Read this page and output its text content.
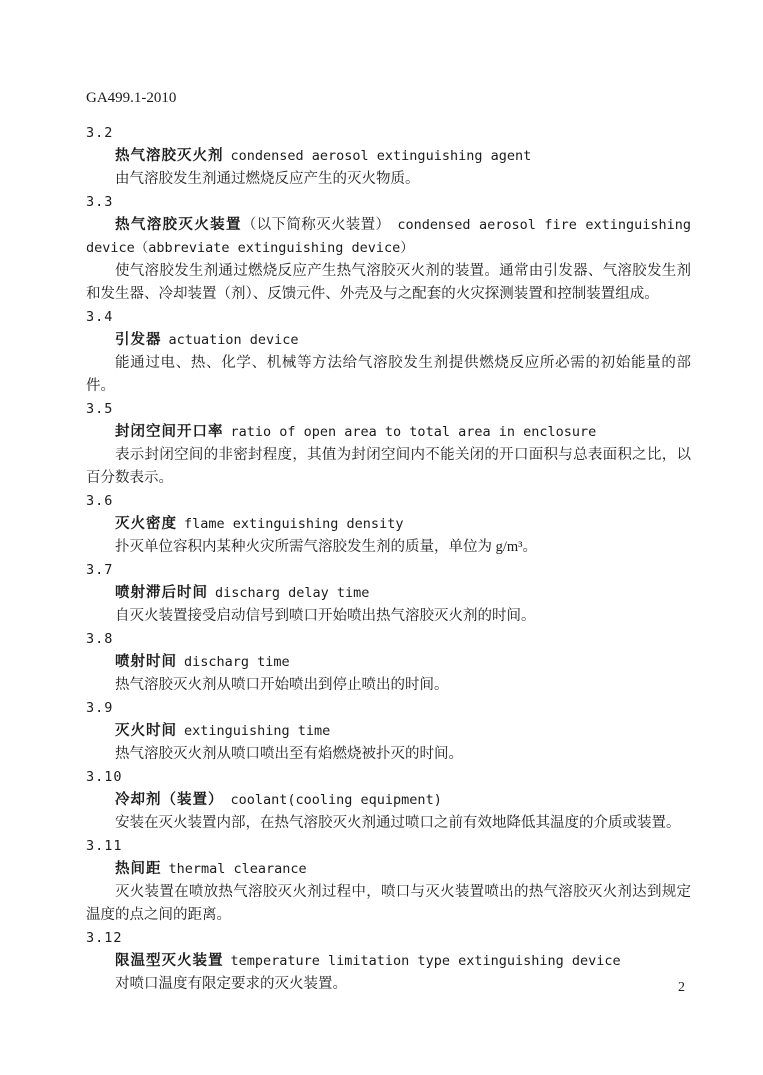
GA499.1-2010
3.2
热气溶胶灭火剂 condensed aerosol extinguishing agent

由气溶胶发生剂通过燃烧反应产生的灭火物质。

3.3
热气溶胶灭火装置（以下简称灭火装置） condensed aerosol fire extinguishing device（abbreviate extinguishing device）

使气溶胶发生剂通过燃烧反应产生热气溶胶灭火剂的装置。通常由引发器、气溶胶发生剂和发生器、冷却装置（剂）、反馈元件、外壳及与之配套的火灾探测装置和控制装置组成。

3.4
引发器 actuation device

能通过电、热、化学、机械等方法给气溶胶发生剂提供燃烧反应所必需的初始能量的部件。

3.5
封闭空间开口率 ratio of open area to total area in enclosure

表示封闭空间的非密封程度，其值为封闭空间内不能关闭的开口面积与总表面积之比，以百分数表示。

3.6
灭火密度 flame extinguishing density

扑灭单位容积内某种火灾所需气溶胶发生剂的质量，单位为 g/m³。

3.7
喷射滞后时间 discharg delay time

自灭火装置接受启动信号到喷口开始喷出热气溶胶灭火剂的时间。

3.8
喷射时间 discharg time

热气溶胶灭火剂从喷口开始喷出到停止喷出的时间。

3.9
灭火时间 extinguishing time

热气溶胶灭火剂从喷口喷出至有焰燃烧被扑灭的时间。

3.10
冷却剂（装置） coolant(cooling equipment)

安装在灭火装置内部，在热气溶胶灭火剂通过喷口之前有效地降低其温度的介质或装置。

3.11
热间距 thermal clearance

灭火装置在喷放热气溶胶灭火剂过程中，喷口与灭火装置喷出的热气溶胶灭火剂达到规定温度的点之间的距离。

3.12
限温型灭火装置 temperature limitation type extinguishing device

对喷口温度有限定要求的灭火装置。	2
